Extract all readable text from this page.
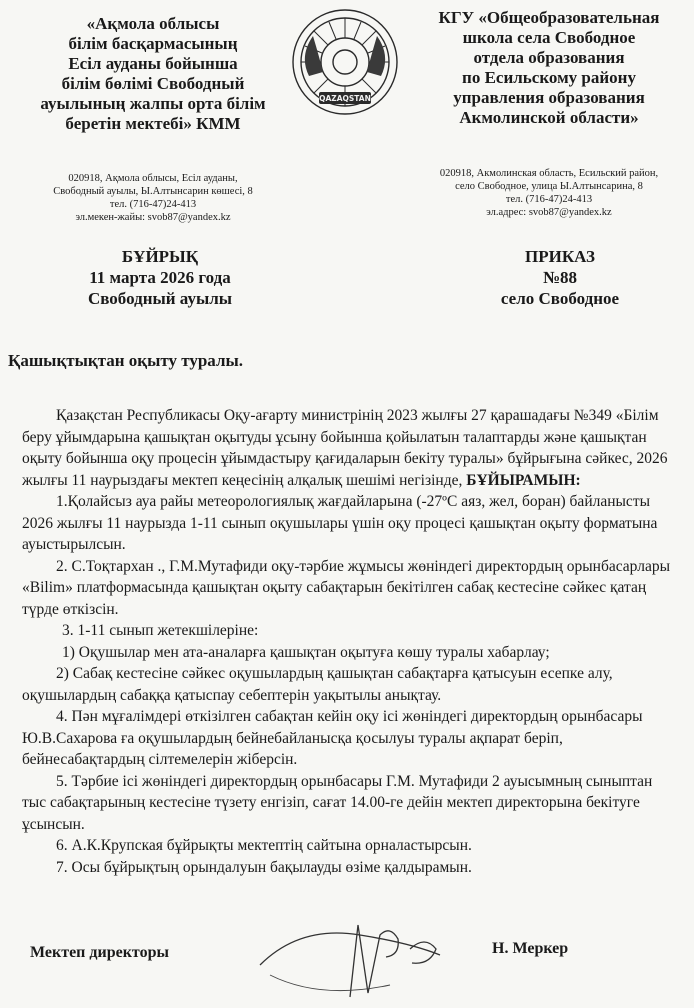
«Ақмола облысы
білім басқармасының
Есіл ауданы бойынша
білім бөлімі Свободный
ауылының жалпы орта білім
беретін мектебі» КММ
QAZAQSTAN
КГУ «Общеобразовательная
школа села Свободное
отдела образования
по Есильскому району
управления образования
Акмолинской области»
020918, Ақмола облысы, Есіл ауданы,
Свободный ауылы, Ы.Алтынсарин көшесі, 8
тел. (716-47)24-413
эл.мекен-жайы: svob87@yandex.kz
020918, Акмолинская область, Есильский район,
село Свободное, улица Ы.Алтынсарина, 8
тел. (716-47)24-413
эл.адрес: svob87@yandex.kz
БҰЙРЫҚ
11 марта 2026 года
Свободный ауылы
ПРИКАЗ
№88
село Свободное
Қашықтықтан оқыту туралы.

Қазақстан Республикасы Оқу-ағарту министрінің 2023 жылғы 27 қарашадағы №349 «Білім беру ұйымдарына қашықтан оқытуды ұсыну бойынша қойылатын талаптарды және қашықтан оқыту бойынша оқу процесін ұйымдастыру қағидаларын бекіту туралы» бұйрығына сәйкес, 2026 жылғы 11 наурыздағы мектеп кеңесінің алқалық шешімі негізінде, БҰЙЫРАМЫН:

1.Қолайсыз ауа райы метеорологиялық жағдайларына (-27ºС аяз, жел, боран) байланысты 2026 жылғы 11 наурызда 1-11 сынып оқушылары үшін оқу процесі қашықтан оқыту форматына ауыстырылсын.

2. С.Тоқтархан ., Г.М.Мутафиди оқу-тәрбие жұмысы жөніндегі директордың орынбасарлары «Bilim» платформасында қашықтан оқыту сабақтарын бекітілген сабақ кестесіне сәйкес қатаң түрде өткізсін.

3. 1-11 сынып жетекшілеріне:

1) Оқушылар мен ата-аналарға қашықтан оқытуға көшу туралы хабарлау;

2) Сабақ кестесіне сәйкес оқушылардың қашықтан сабақтарға қатысуын есепке алу, оқушылардың сабаққа қатыспау себептерін уақытылы анықтау.

4. Пән мұғалімдері өткізілген сабақтан кейін оқу ісі жөніндегі директордың орынбасары Ю.В.Сахарова ға оқушылардың бейнебайланысқа қосылуы туралы ақпарат беріп, бейнесабақтардың сілтемелерін жіберсін.

5. Тәрбие ісі жөніндегі директордың орынбасары Г.М. Мутафиди 2 ауысымның сыныптан тыс сабақтарының кестесіне түзету енгізіп, сағат 14.00-ге дейін мектеп директорына бекітуге ұсынсын.

6. А.К.Крупская бұйрықты мектептің сайтына орналастырсын.

7. Осы бұйрықтың орындалуын бақылауды өзіме қалдырамын.

Мектеп директоры	Н. Меркер
